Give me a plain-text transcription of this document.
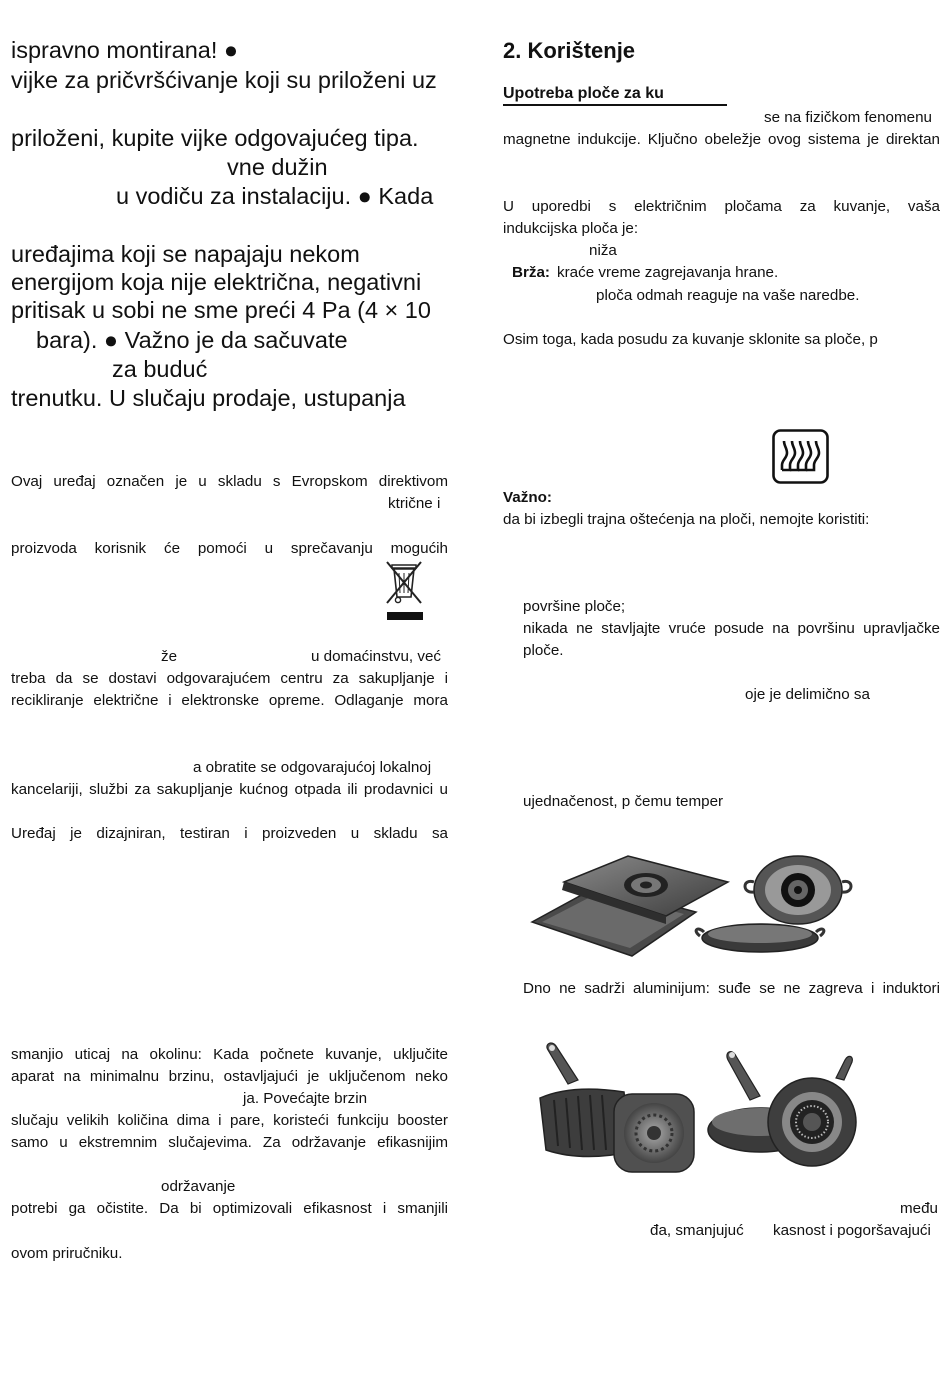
ispravno montirana! ●
vijke za pričvršćivanje koji su priloženi uz
priloženi, kupite vijke odgovajućeg tipa.
vne dužin
u vodiču za instalaciju. ● Kada
uređajima koji se napajaju nekom
energijom koja nije električna, negativni
pritisak u sobi ne sme preći 4 Pa (4 × 10
bara). ● Važno je da sačuvate
za buduć
trenutku. U slučaju prodaje, ustupanja
Ovaj uređaj označen je u skladu s Evropskom direktivom
ktrične i
proizvoda korisnik će pomoći u sprečavanju mogućih
že	u domaćinstvu, već
treba da se dostavi odgovarajućem centru za sakupljanje i
recikliranje električne i elektronske opreme. Odlaganje mora
a obratite se odgovarajućoj lokalnoj
kancelariji, službi za sakupljanje kućnog otpada ili prodavnici u
Uređaj je dizajniran, testiran i proizveden u skladu sa
smanjio uticaj na okolinu: Kada počnete kuvanje, uključite
aparat na minimalnu brzinu, ostavljajući je uključenom neko
ja. Povećajte brzin
slučaju velikih količina dima i pare, koristeći funkciju booster
samo u ekstremnim slučajevima. Za održavanje efikasnijim
održavanje
potrebi ga očistite. Da bi optimizovali efikasnost i smanjili
ovom priručniku.
2. Korištenje
Upotreba ploče za ku
se na fizičkom fenomenu
magnetne indukcije. Ključno obeležje ovog sistema je direktan
U uporedbi s električnim pločama za kuvanje, vaša
indukcijska ploča je:
niža
Brža: kraće vreme zagrejavanja hrane.
ploča odmah reaguje na vaše naredbe.
Osim toga, kada posudu za kuvanje sklonite sa ploče, p
Važno:
da bi izbegli trajna oštećenja na ploči, nemojte koristiti:
površine ploče;
nikada ne stavljajte vruće posude na površinu upravljačke
ploče.
oje je delimično sa
ujednačenost, p čemu temper
Dno ne sadrži aluminijum: suđe se ne zagreva i induktori
među
đa, smanjujuć kasnost i pogoršavajući
